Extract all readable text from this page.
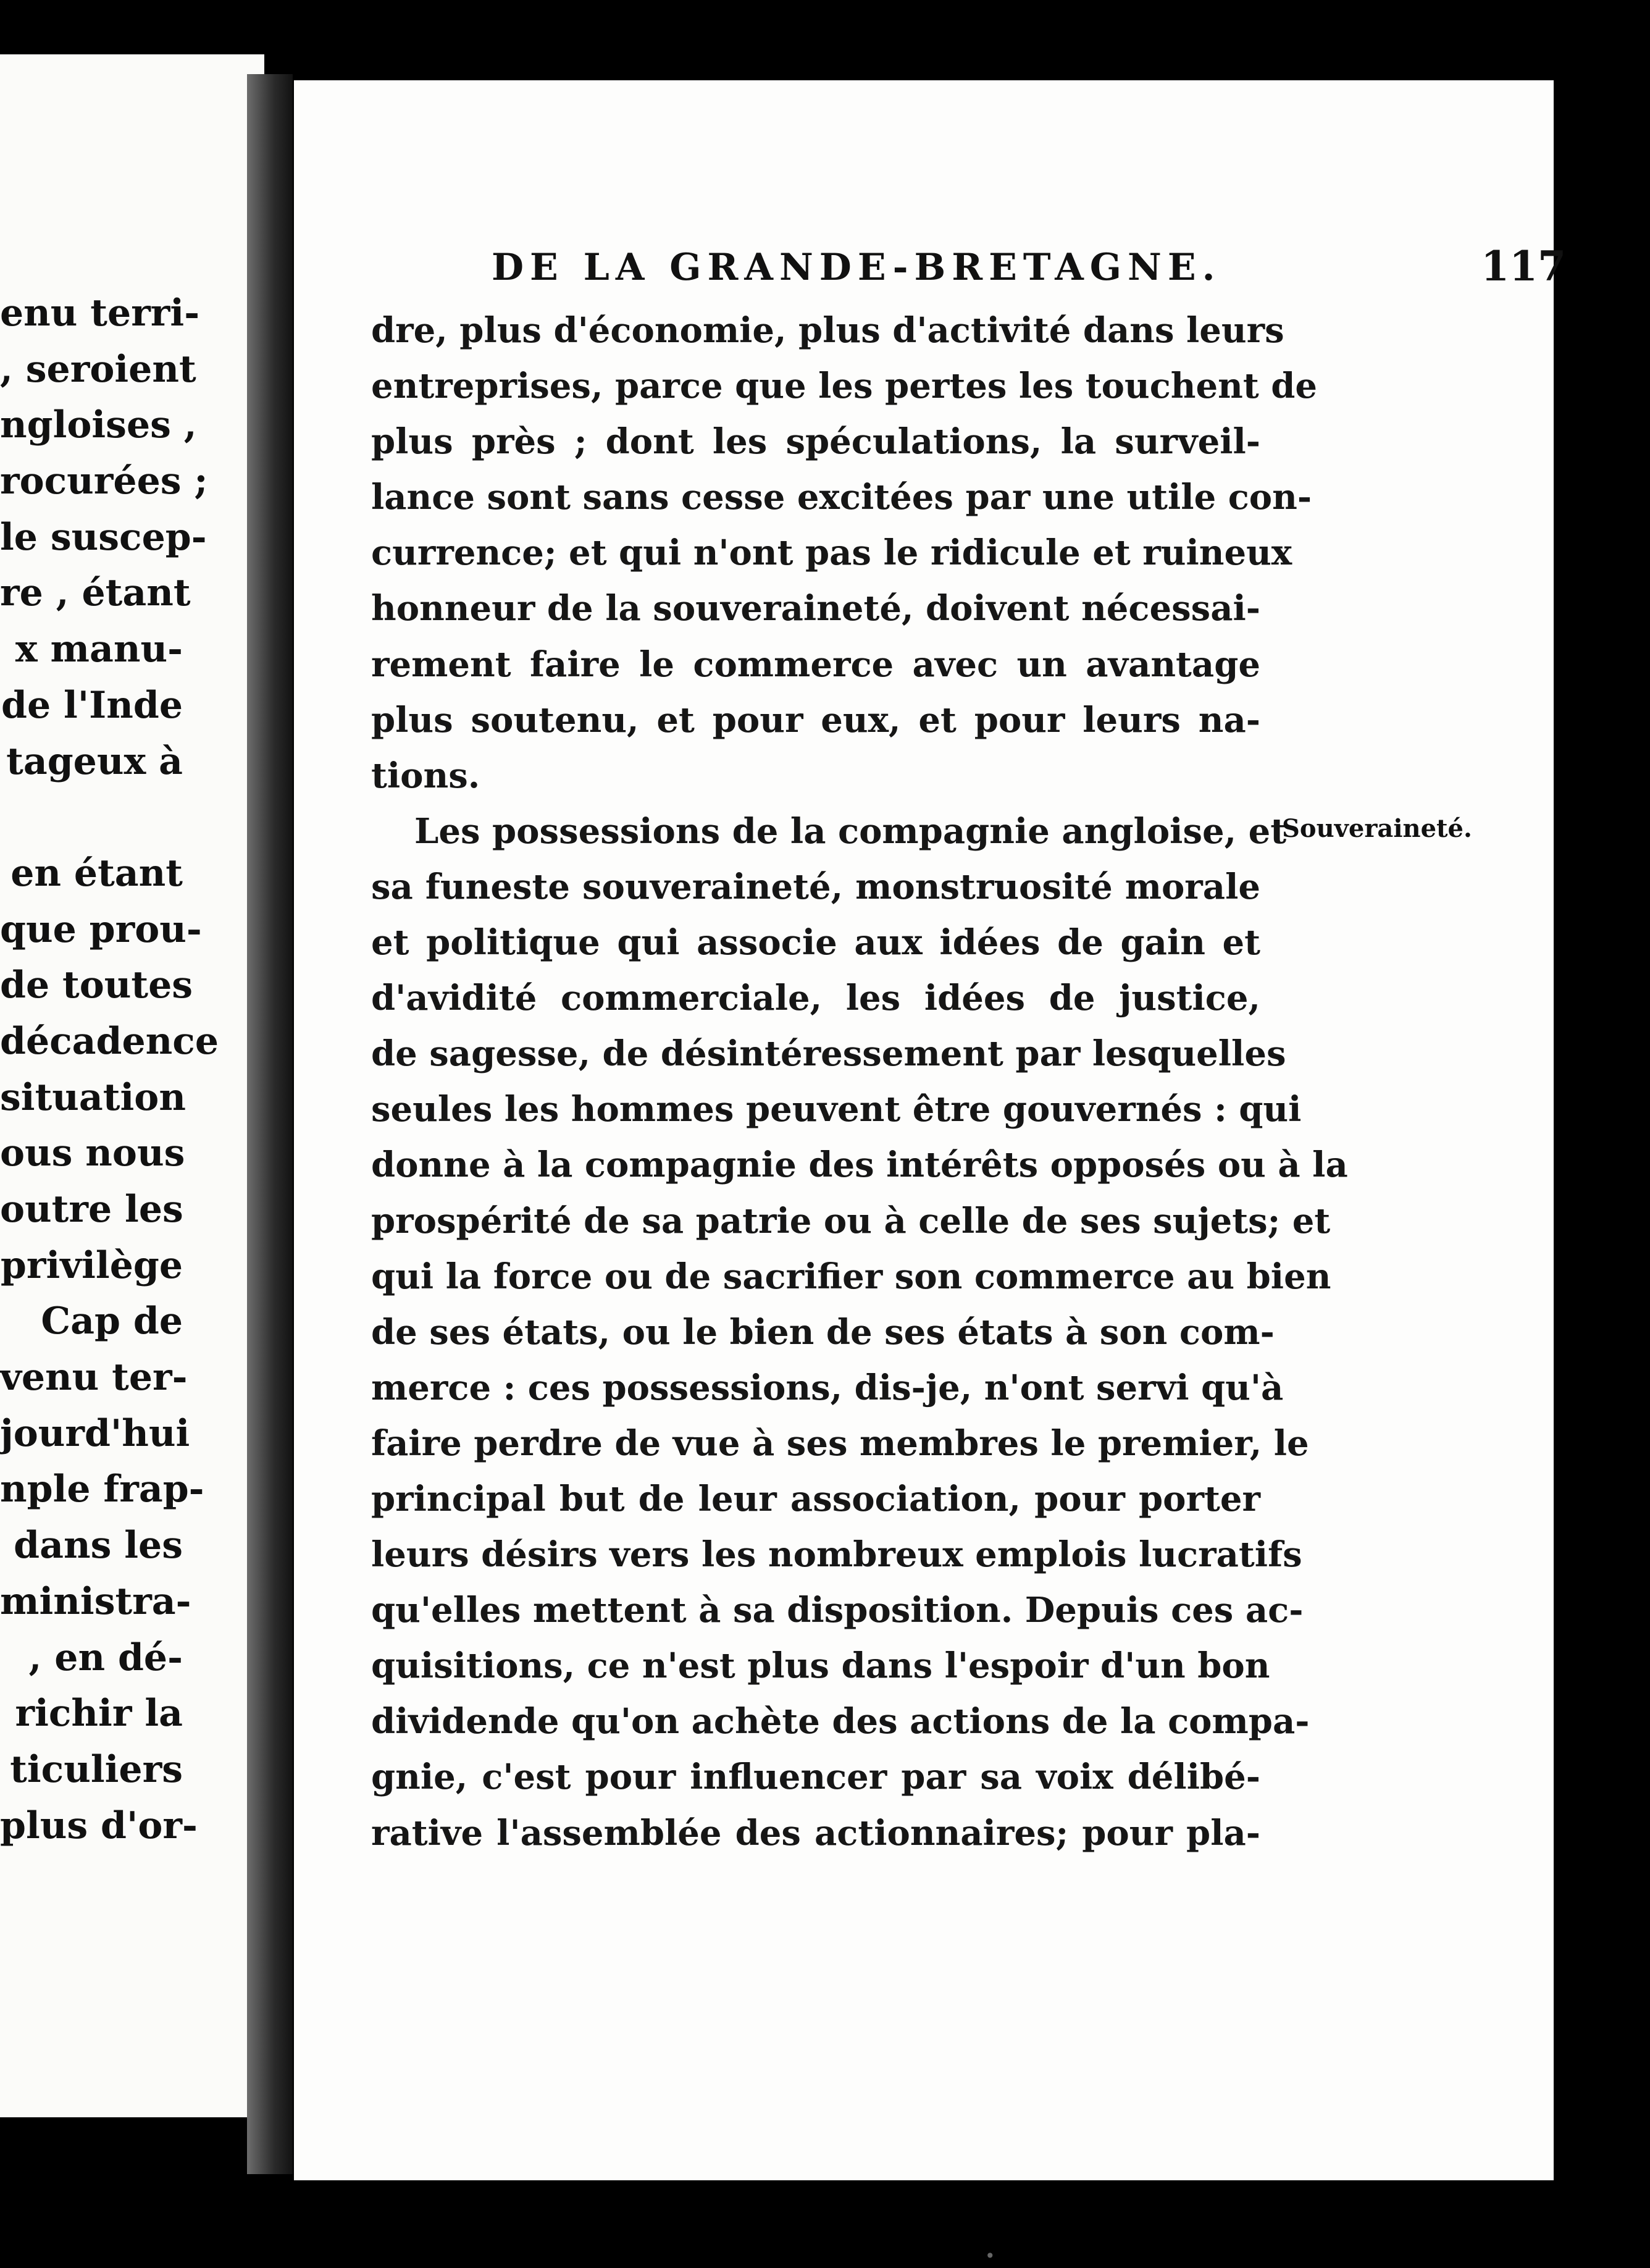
enu terri-
, seroient
ngloises ,
rocurées ;
le suscep-
re , étant
x manu-
de l'Inde
tageux à
en étant
que prou-
de toutes
décadence
situation
ous nous
outre les
privilège
Cap de
venu ter-
jourd'hui
nple frap-
dans les
ministra-
, en dé-
richir la
ticuliers
plus d'or-
DE LA GRANDE-BRETAGNE.	117
dre, plus d'économie, plus d'activité dans leurs
entreprises, parce que les pertes les touchent de
plus près ; dont les spéculations, la surveil-
lance sont sans cesse excitées par une utile con-
currence; et qui n'ont pas le ridicule et ruineux
honneur de la souveraineté, doivent nécessai-
rement faire le commerce avec un avantage
plus soutenu, et pour eux, et pour leurs na-
tions.
Les possessions de la compagnie angloise, et
sa funeste souveraineté, monstruosité morale
et politique qui associe aux idées de gain et
d'avidité commerciale, les idées de justice,
de sagesse, de désintéressement par lesquelles
seules les hommes peuvent être gouvernés : qui
donne à la compagnie des intérêts opposés ou à la
prospérité de sa patrie ou à celle de ses sujets; et
qui la force ou de sacrifier son commerce au bien
de ses états, ou le bien de ses états à son com-
merce : ces possessions, dis-je, n'ont servi qu'à
faire perdre de vue à ses membres le premier, le
principal but de leur association, pour porter
leurs désirs vers les nombreux emplois lucratifs
qu'elles mettent à sa disposition. Depuis ces ac-
quisitions, ce n'est plus dans l'espoir d'un bon
dividende qu'on achète des actions de la compa-
gnie, c'est pour influencer par sa voix délibé-
rative l'assemblée des actionnaires; pour pla-
Souveraineté.
•
